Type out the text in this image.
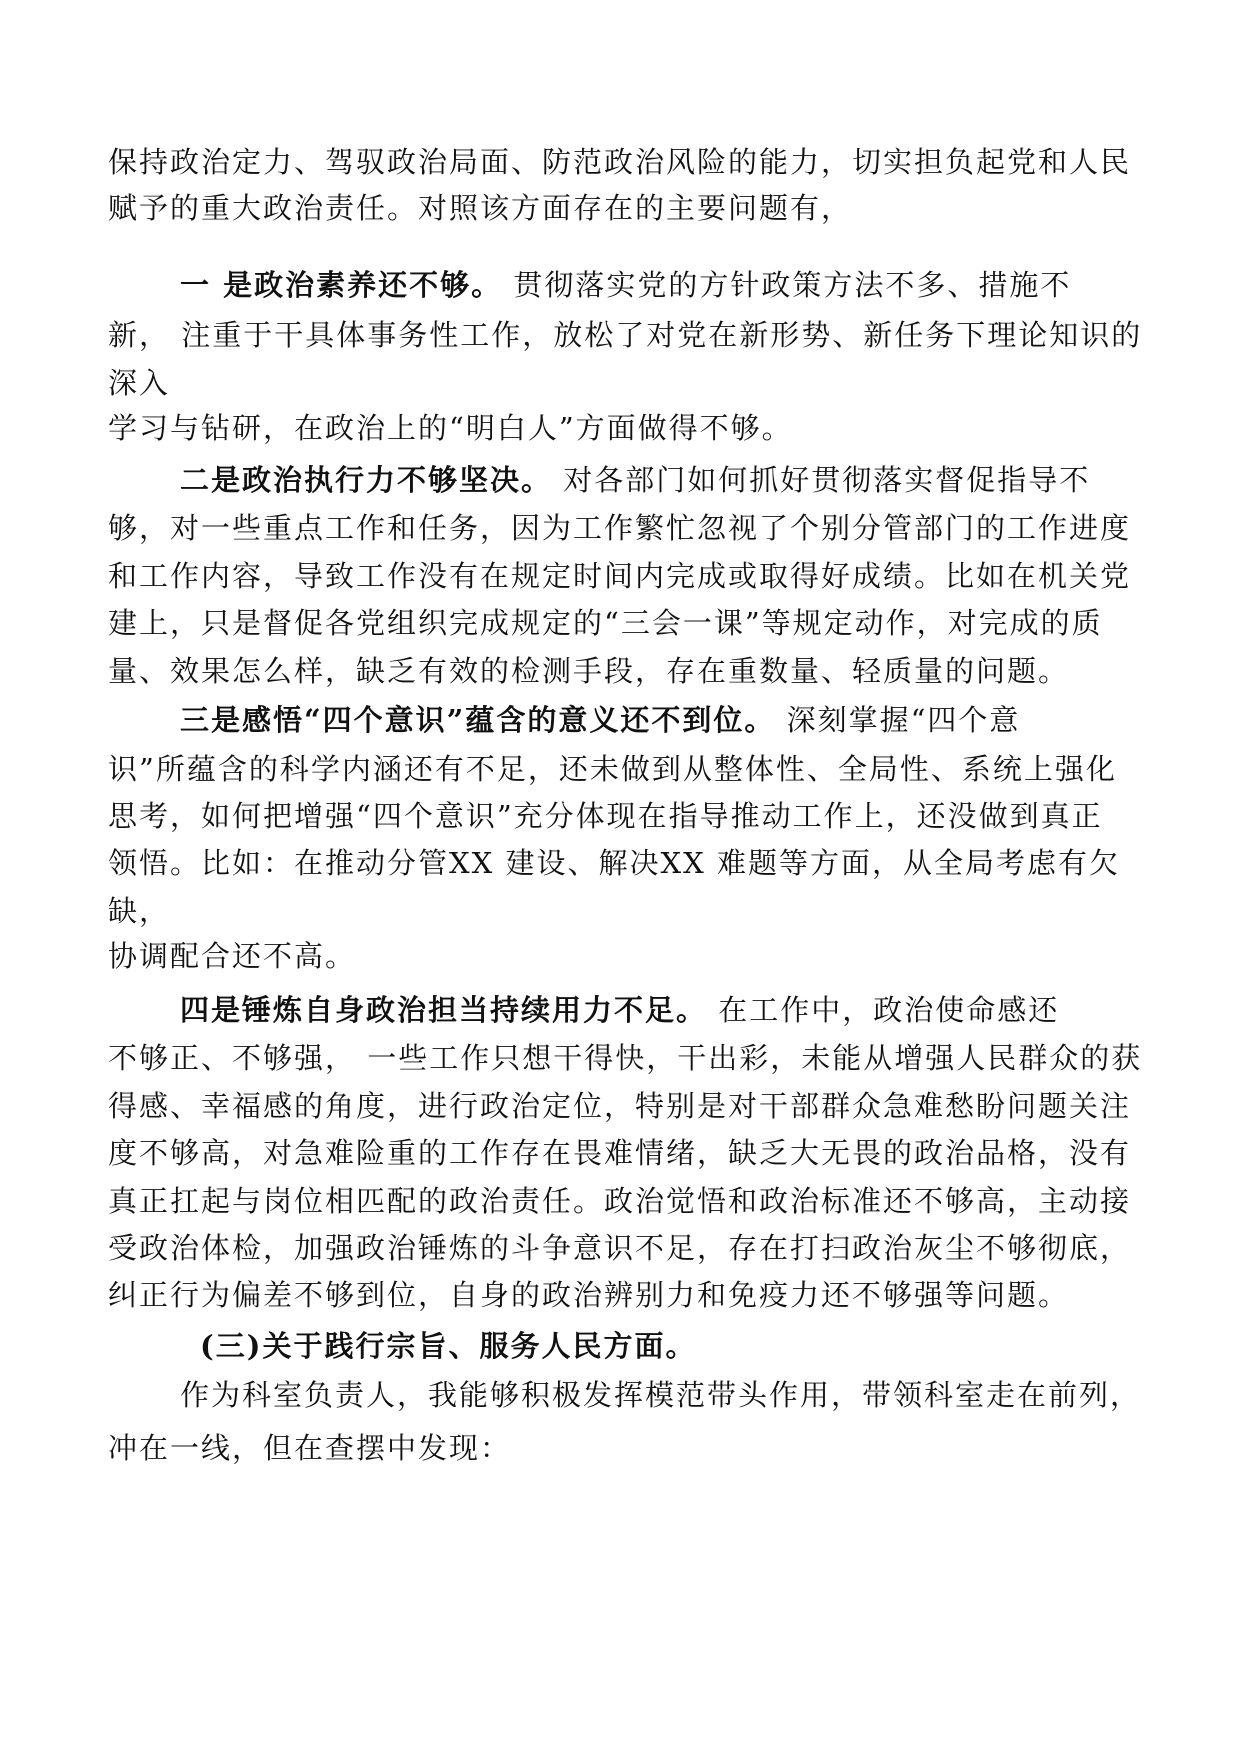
保持政治定力、驾驭政治局面、防范政治风险的能力，切实担负起党和人民
赋予的重大政治责任。对照该方面存在的主要问题有，
一 是政治素养还不够。 贯彻落实党的方针政策方法不多、措施不
新， 注重于干具体事务性工作，放松了对党在新形势、新任务下理论知识的
深入
学习与钻研，在政治上的“明白人”方面做得不够。
二是政治执行力不够坚决。 对各部门如何抓好贯彻落实督促指导不
够，对一些重点工作和任务，因为工作繁忙忽视了个别分管部门的工作进度
和工作内容，导致工作没有在规定时间内完成或取得好成绩。比如在机关党
建上，只是督促各党组织完成规定的“三会一课”等规定动作，对完成的质
量、效果怎么样，缺乏有效的检测手段，存在重数量、轻质量的问题。
三是感悟“四个意识”蕴含的意义还不到位。 深刻掌握“四个意
识”所蕴含的科学内涵还有不足，还未做到从整体性、全局性、系统上强化
思考，如何把增强“四个意识”充分体现在指导推动工作上，还没做到真正
领悟。比如：在推动分管XX 建设、解决XX 难题等方面，从全局考虑有欠
缺，
协调配合还不高。
四是锤炼自身政治担当持续用力不足。 在工作中，政治使命感还
不够正、不够强， 一些工作只想干得快，干出彩，未能从增强人民群众的获
得感、幸福感的角度，进行政治定位，特别是对干部群众急难愁盼问题关注
度不够高，对急难险重的工作存在畏难情绪，缺乏大无畏的政治品格，没有
真正扛起与岗位相匹配的政治责任。政治觉悟和政治标准还不够高，主动接
受政治体检，加强政治锤炼的斗争意识不足，存在打扫政治灰尘不够彻底，
纠正行为偏差不够到位，自身的政治辨别力和免疫力还不够强等问题。
(三)关于践行宗旨、服务人民方面。
作为科室负责人，我能够积极发挥模范带头作用，带领科室走在前列，
冲在一线，但在查摆中发现：
